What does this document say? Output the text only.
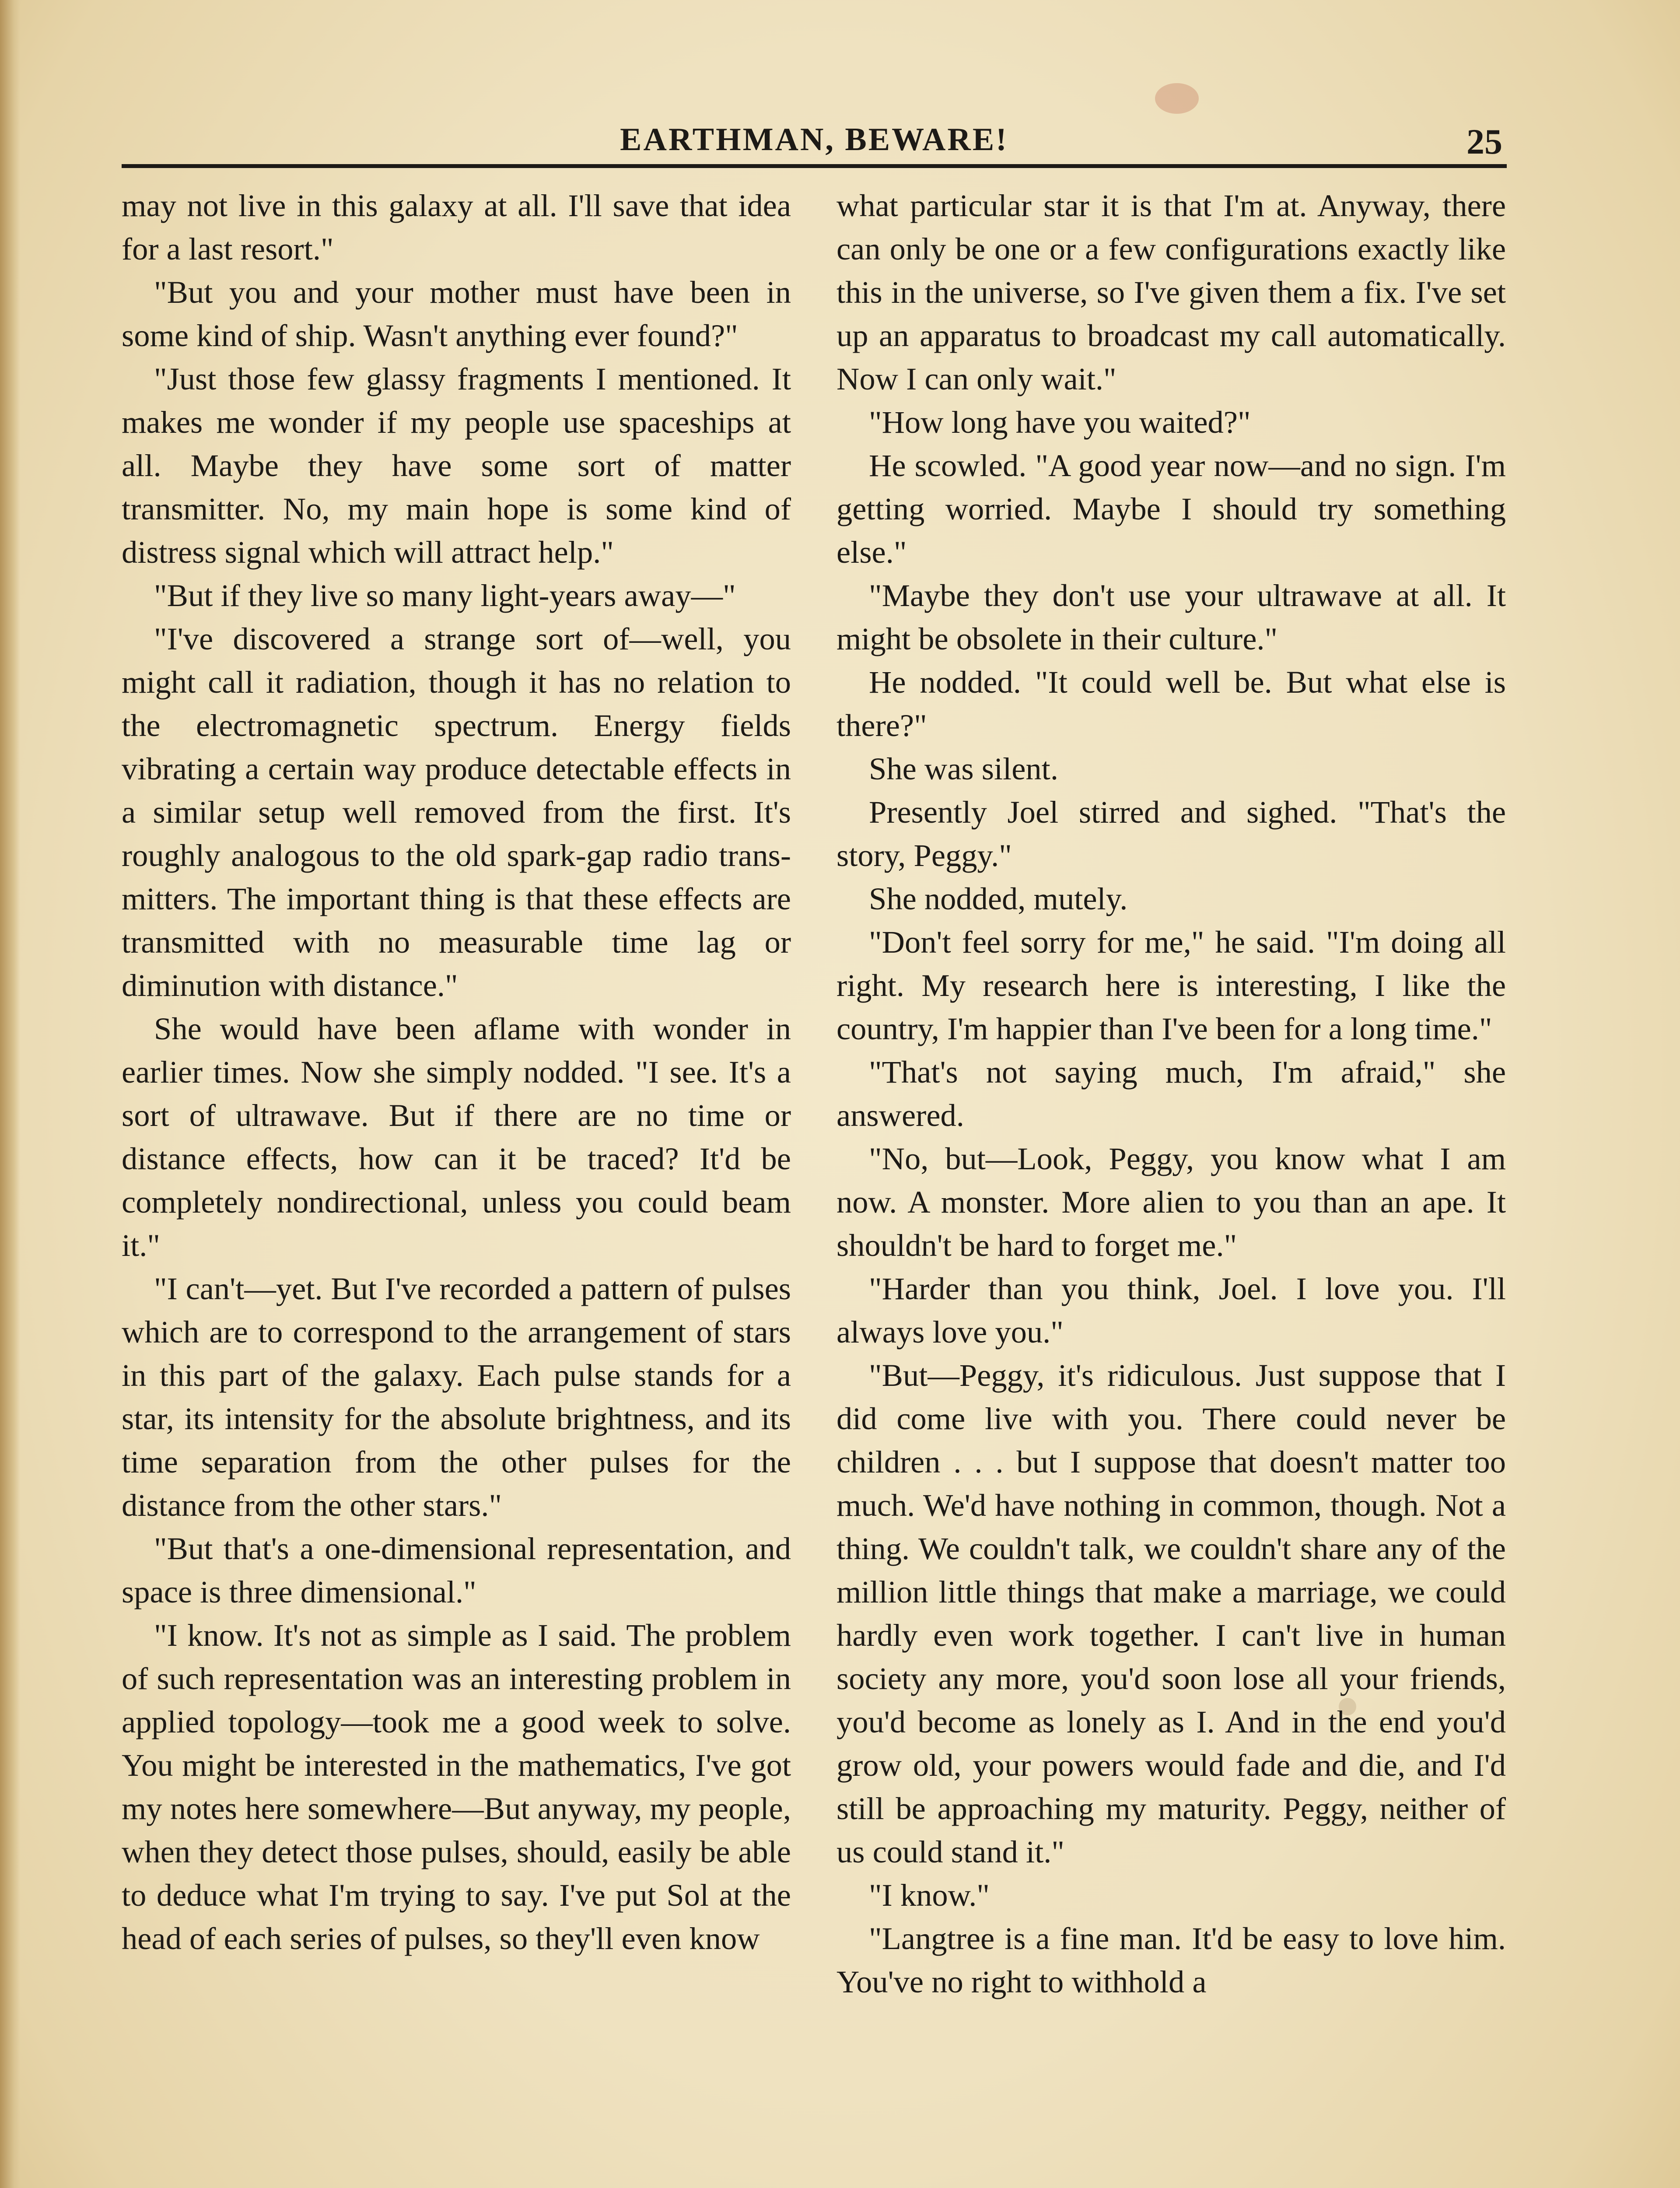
EARTHMAN, BEWARE!	25

may not live in this galaxy at all. I'll save that idea for a last resort."

"But you and your mother must have been in some kind of ship. Wasn't anything ever found?"

"Just those few glassy fragments I mentioned. It makes me wonder if my people use spaceships at all. Maybe they have some sort of matter transmitter. No, my main hope is some kind of distress signal which will attract help."

"But if they live so many light-years away—"

"I've discovered a strange sort of—well, you might call it radiation, though it has no relation to the electromagnetic spectrum. Energy fields vibrating a certain way produce detectable effects in a similar setup well removed from the first. It's roughly analogous to the old spark-gap radio transmitters. The important thing is that these effects are transmitted with no measurable time lag or diminution with distance."

She would have been aflame with wonder in earlier times. Now she simply nodded. "I see. It's a sort of ultrawave. But if there are no time or distance effects, how can it be traced? It'd be completely nondirectional, unless you could beam it."

"I can't—yet. But I've recorded a pattern of pulses which are to correspond to the arrangement of stars in this part of the galaxy. Each pulse stands for a star, its intensity for the absolute brightness, and its time separation from the other pulses for the distance from the other stars."

"But that's a one-dimensional representation, and space is three dimensional."

"I know. It's not as simple as I said. The problem of such representation was an interesting problem in applied topology—took me a good week to solve. You might be interested in the mathematics, I've got my notes here somewhere—But anyway, my people, when they detect those pulses, should, easily be able to deduce what I'm trying to say. I've put Sol at the head of each series of pulses, so they'll even know

what particular star it is that I'm at. Anyway, there can only be one or a few configurations exactly like this in the universe, so I've given them a fix. I've set up an apparatus to broadcast my call automatically. Now I can only wait."

"How long have you waited?"

He scowled. "A good year now—and no sign. I'm getting worried. Maybe I should try something else."

"Maybe they don't use your ultrawave at all. It might be obsolete in their culture."

He nodded. "It could well be. But what else is there?"

She was silent.

Presently Joel stirred and sighed. "That's the story, Peggy."

She nodded, mutely.

"Don't feel sorry for me," he said. "I'm doing all right. My research here is interesting, I like the country, I'm happier than I've been for a long time."

"That's not saying much, I'm afraid," she answered.

"No, but—Look, Peggy, you know what I am now. A monster. More alien to you than an ape. It shouldn't be hard to forget me."

"Harder than you think, Joel. I love you. I'll always love you."

"But—Peggy, it's ridiculous. Just suppose that I did come live with you. There could never be children . . . but I suppose that doesn't matter too much. We'd have nothing in common, though. Not a thing. We couldn't talk, we couldn't share any of the million little things that make a marriage, we could hardly even work together. I can't live in human society any more, you'd soon lose all your friends, you'd become as lonely as I. And in the end you'd grow old, your powers would fade and die, and I'd still be approaching my maturity. Peggy, neither of us could stand it."

"I know."

"Langtree is a fine man. It'd be easy to love him. You've no right to withhold a
